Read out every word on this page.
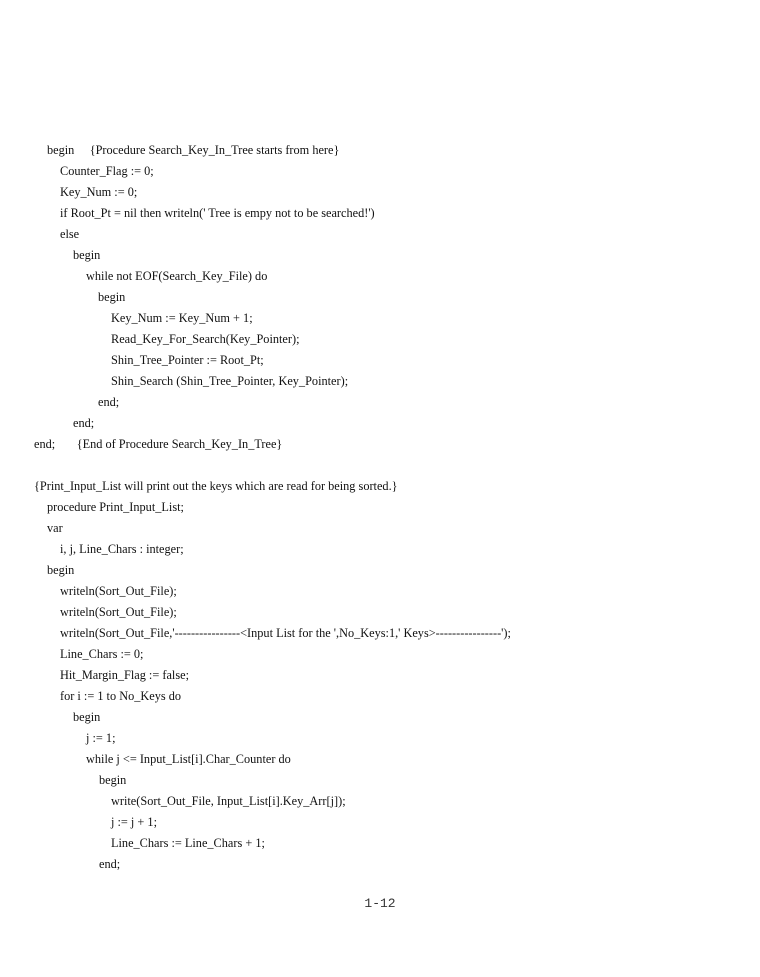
begin     {Procedure Search_Key_In_Tree starts from here}
Counter_Flag := 0;
Key_Num := 0;
if Root_Pt = nil then writeln(' Tree is empy not to be searched!')
else
begin
while not EOF(Search_Key_File) do
begin
Key_Num := Key_Num + 1;
Read_Key_For_Search(Key_Pointer);
Shin_Tree_Pointer := Root_Pt;
Shin_Search (Shin_Tree_Pointer, Key_Pointer);
end;
end;
end;       {End of Procedure Search_Key_In_Tree}
{Print_Input_List will print out the keys which are read for being sorted.}
procedure Print_Input_List;
var
i, j, Line_Chars : integer;
begin
writeln(Sort_Out_File);
writeln(Sort_Out_File);
writeln(Sort_Out_File,'----------------<Input List for the ',No_Keys:1,' Keys>----------------');
Line_Chars := 0;
Hit_Margin_Flag := false;
for i := 1 to No_Keys do
begin
j := 1;
while j <= Input_List[i].Char_Counter do
begin
write(Sort_Out_File, Input_List[i].Key_Arr[j]);
j := j + 1;
Line_Chars := Line_Chars + 1;
end;
1-12
